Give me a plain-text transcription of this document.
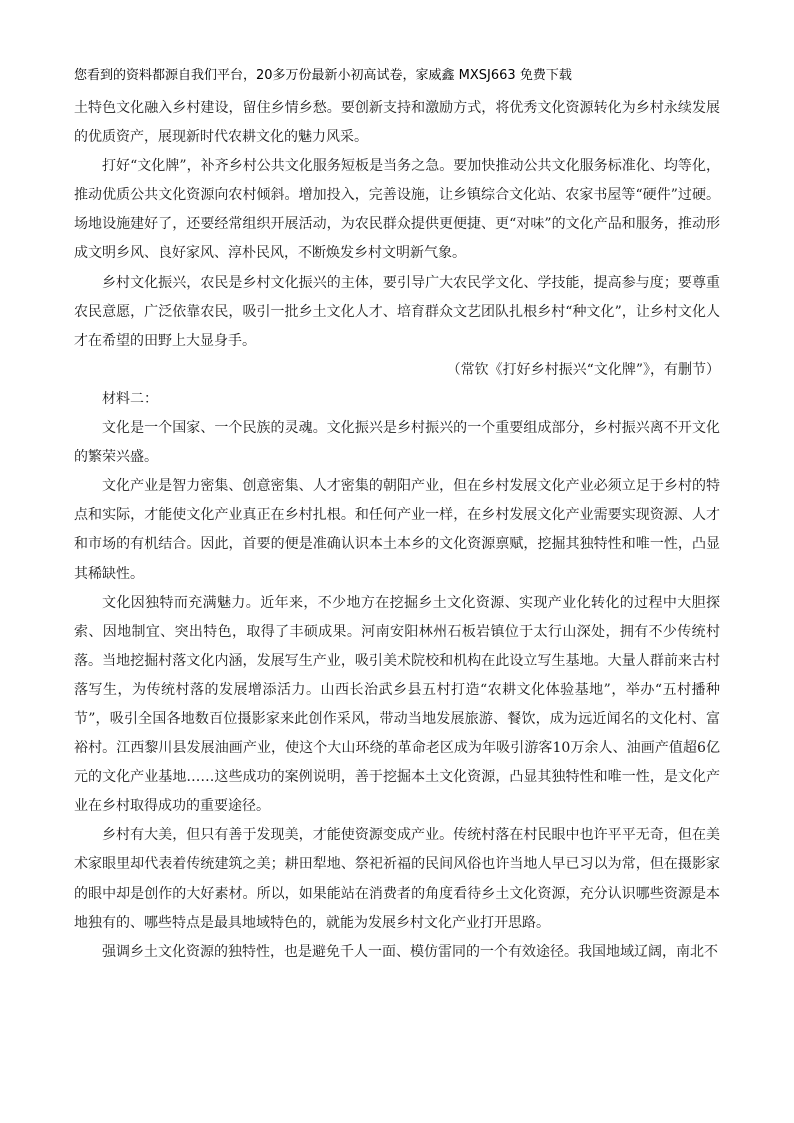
您看到的资料都源自我们平台，20多万份最新小初高试卷，家威鑫 MXSJ663 免费下载

土特色文化融入乡村建设，留住乡情乡愁。要创新支持和激励方式，将优秀文化资源转化为乡村永续发展的优质资产，展现新时代农耕文化的魅力风采。

打好“文化牌”，补齐乡村公共文化服务短板是当务之急。要加快推动公共文化服务标准化、均等化，推动优质公共文化资源向农村倾斜。增加投入，完善设施，让乡镇综合文化站、农家书屋等“硬件”过硬。场地设施建好了，还要经常组织开展活动，为农民群众提供更便捷、更“对味”的文化产品和服务，推动形成文明乡风、良好家风、淳朴民风，不断焕发乡村文明新气象。

乡村文化振兴，农民是乡村文化振兴的主体，要引导广大农民学文化、学技能，提高参与度；要尊重农民意愿，广泛依靠农民，吸引一批乡土文化人才、培育群众文艺团队扎根乡村“种文化”，让乡村文化人才在希望的田野上大显身手。

（常钦《打好乡村振兴“文化牌”》，有删节）

材料二：

文化是一个国家、一个民族的灵魂。文化振兴是乡村振兴的一个重要组成部分，乡村振兴离不开文化的繁荣兴盛。

文化产业是智力密集、创意密集、人才密集的朝阳产业，但在乡村发展文化产业必须立足于乡村的特点和实际，才能使文化产业真正在乡村扎根。和任何产业一样，在乡村发展文化产业需要实现资源、人才和市场的有机结合。因此，首要的便是准确认识本土本乡的文化资源禀赋，挖掘其独特性和唯一性，凸显其稀缺性。

文化因独特而充满魅力。近年来，不少地方在挖掘乡土文化资源、实现产业化转化的过程中大胆探索、因地制宜、突出特色，取得了丰硕成果。河南安阳林州石板岩镇位于太行山深处，拥有不少传统村落。当地挖掘村落文化内涵，发展写生产业，吸引美术院校和机构在此设立写生基地。大量人群前来古村落写生，为传统村落的发展增添活力。山西长治武乡县五村打造“农耕文化体验基地”，举办“五村播种节”，吸引全国各地数百位摄影家来此创作采风，带动当地发展旅游、餐饮，成为远近闻名的文化村、富裕村。江西黎川县发展油画产业，使这个大山环绕的革命老区成为年吸引游客10万余人、油画产值超6亿元的文化产业基地……这些成功的案例说明，善于挖掘本土文化资源，凸显其独特性和唯一性，是文化产业在乡村取得成功的重要途径。

乡村有大美，但只有善于发现美，才能使资源变成产业。传统村落在村民眼中也许平平无奇，但在美术家眼里却代表着传统建筑之美；耕田犁地、祭祀祈福的民间风俗也许当地人早已习以为常，但在摄影家的眼中却是创作的大好素材。所以，如果能站在消费者的角度看待乡土文化资源，充分认识哪些资源是本地独有的、哪些特点是最具地域特色的，就能为发展乡村文化产业打开思路。

强调乡土文化资源的独特性，也是避免千人一面、模仿雷同的一个有效途径。我国地域辽阔，南北不
